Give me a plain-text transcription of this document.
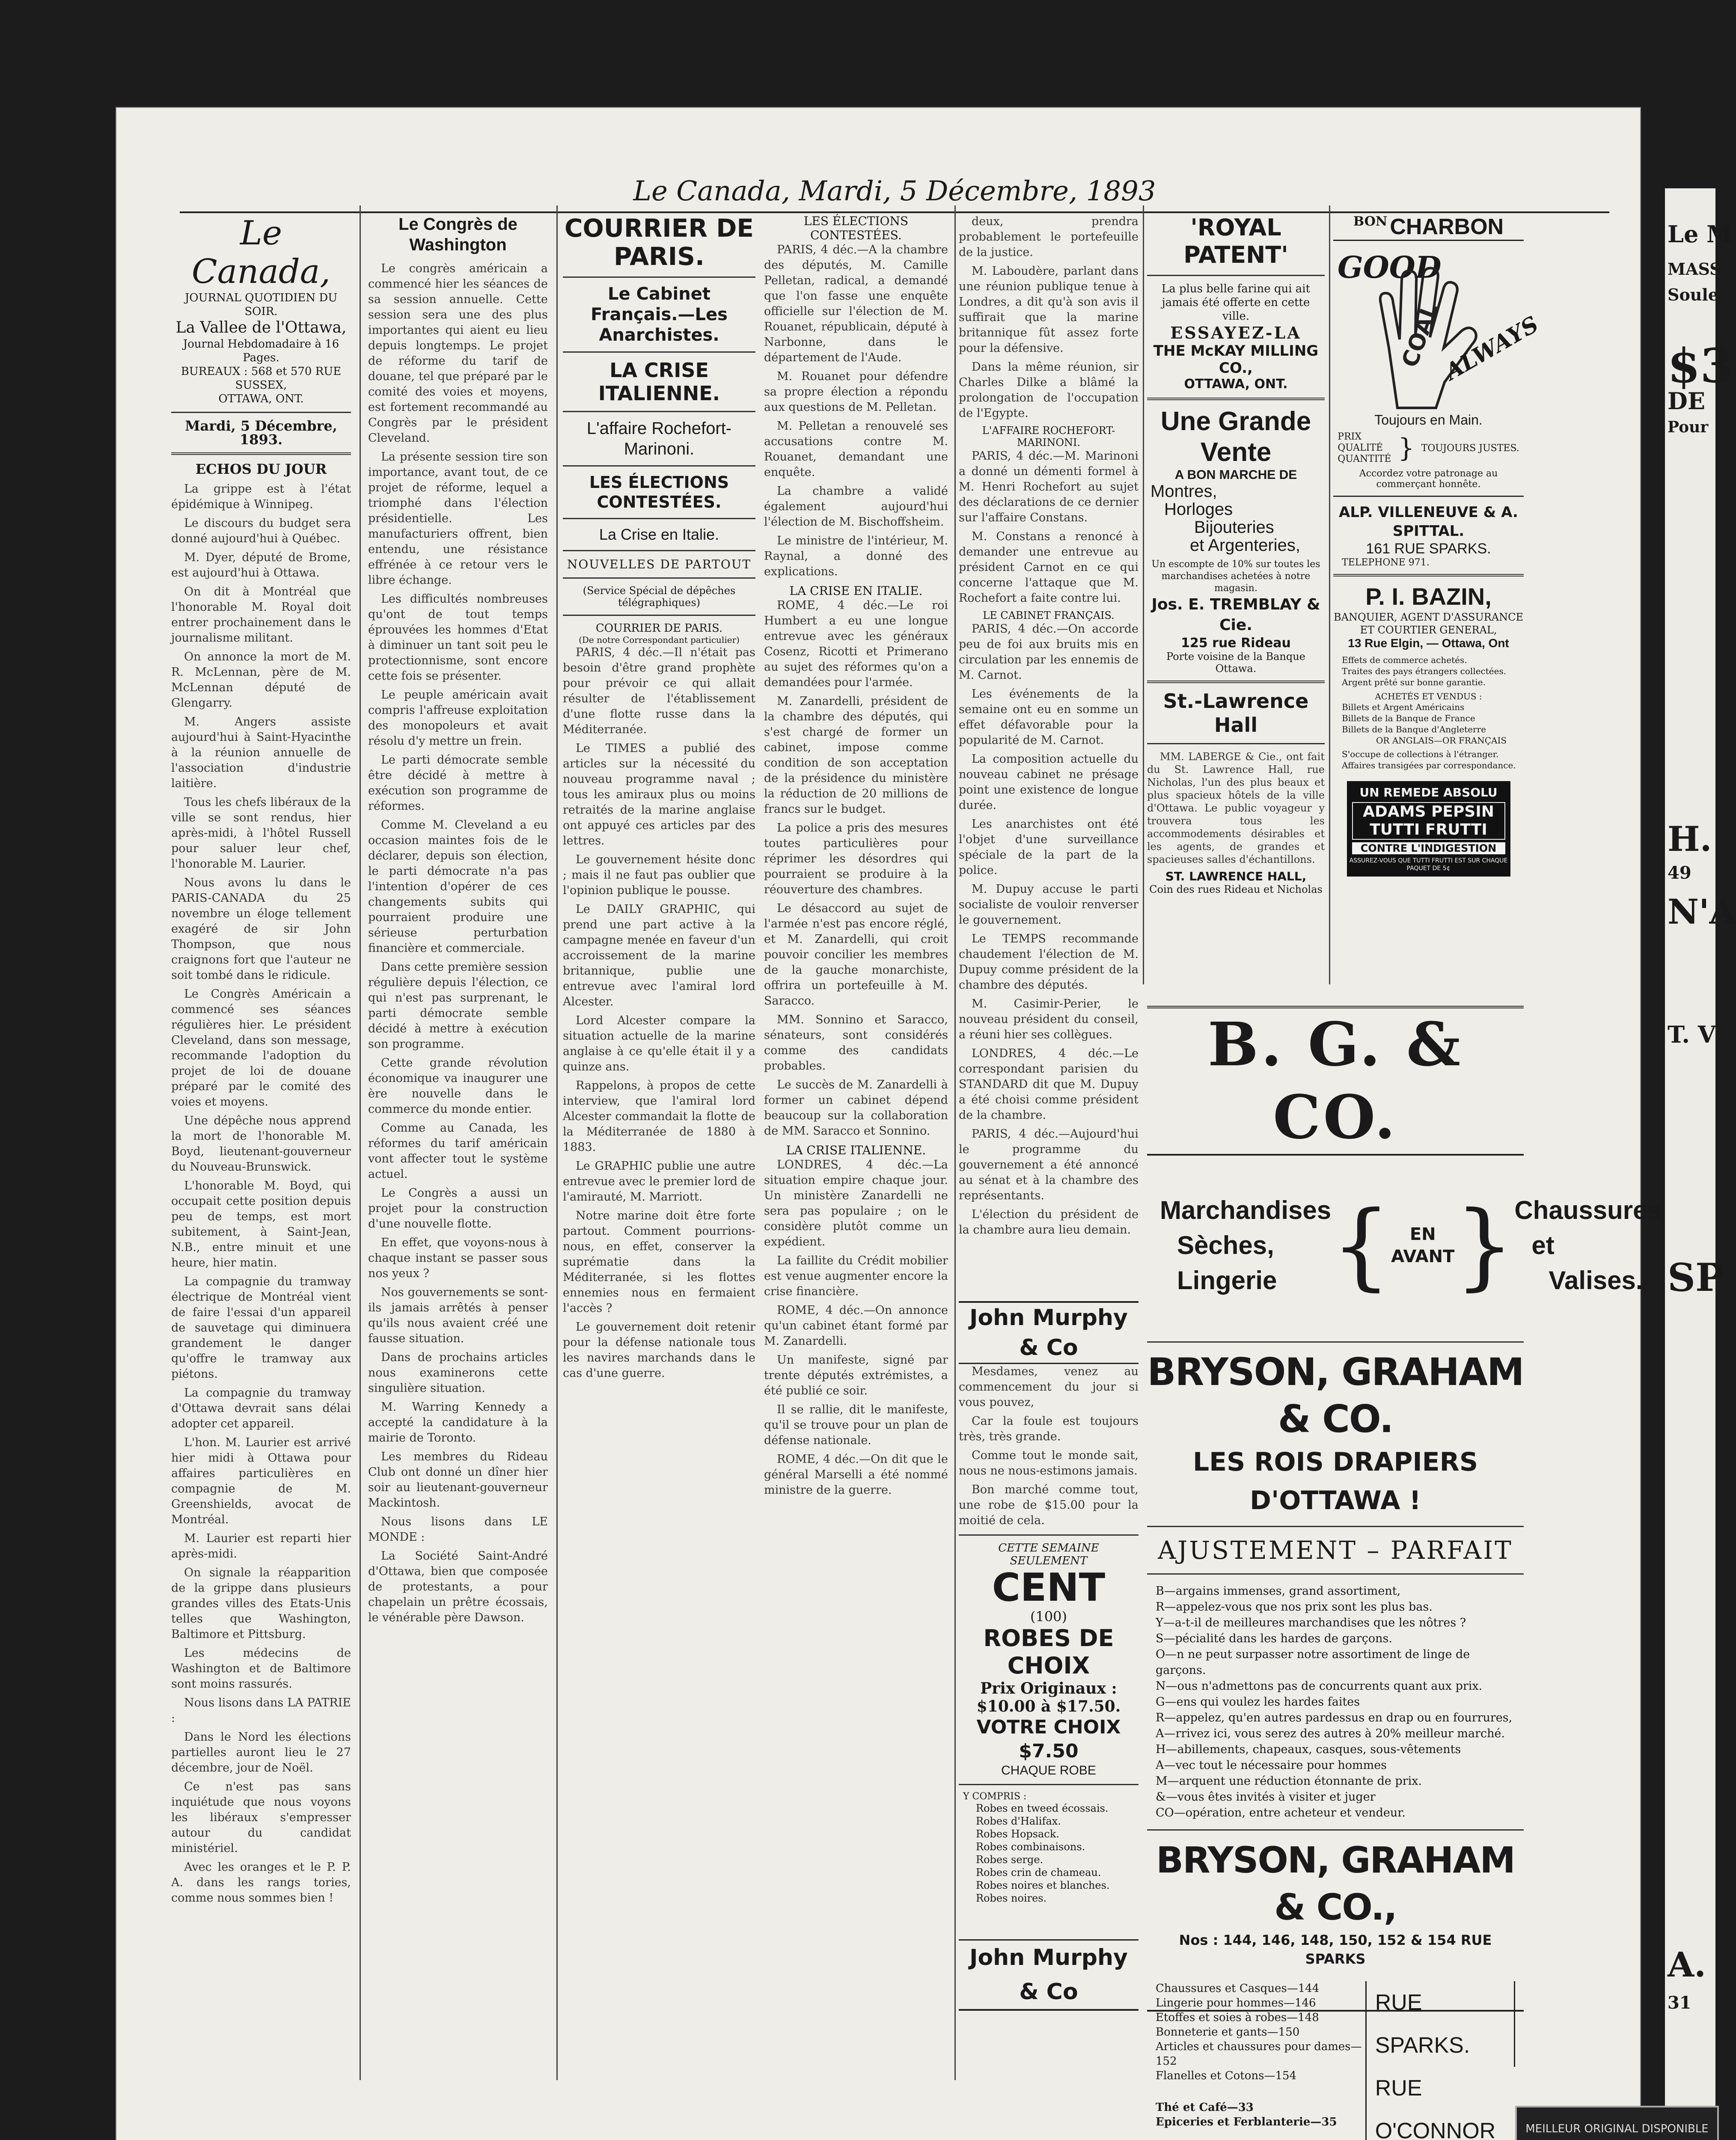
Le M
MASS
Soule
$3
DE
Pour
H.
49
N'A
T. V
SP
A.
31
Le Canada, Mardi, 5 Décembre, 1893
Le Canada,
JOURNAL QUOTIDIEN DU SOIR.
La Vallee de l'Ottawa,
Journal Hebdomadaire à 16 Pages.
BUREAUX : 568 et 570 RUE SUSSEX,
OTTAWA, ONT.
Mardi, 5 Décembre, 1893.
ECHOS DU JOUR

La grippe est à l'état épidémique à Winnipeg.

Le discours du budget sera donné aujourd'hui à Québec.

M. Dyer, député de Brome, est aujourd'hui à Ottawa.

On dit à Montréal que l'honorable M. Royal doit entrer prochainement dans le journalisme militant.

On annonce la mort de M. R. McLennan, père de M. McLennan député de Glengarry.

M. Angers assiste aujourd'hui à Saint-Hyacinthe à la réunion annuelle de l'association d'industrie laitière.

Tous les chefs libéraux de la ville se sont rendus, hier après-midi, à l'hôtel Russell pour saluer leur chef, l'honorable M. Laurier.

Nous avons lu dans le PARIS-CANADA du 25 novembre un éloge tellement exagéré de sir John Thompson, que nous craignons fort que l'auteur ne soit tombé dans le ridicule.

Le Congrès Américain a commencé ses séances régulières hier. Le président Cleveland, dans son message, recommande l'adoption du projet de loi de douane préparé par le comité des voies et moyens.

Une dépêche nous apprend la mort de l'honorable M. Boyd, lieutenant-gouverneur du Nouveau-Brunswick.

L'honorable M. Boyd, qui occupait cette position depuis peu de temps, est mort subitement, à Saint-Jean, N.B., entre minuit et une heure, hier matin.

La compagnie du tramway électrique de Montréal vient de faire l'essai d'un appareil de sauvetage qui diminuera grandement le danger qu'offre le tramway aux piétons.

La compagnie du tramway d'Ottawa devrait sans délai adopter cet appareil.

L'hon. M. Laurier est arrivé hier midi à Ottawa pour affaires particulières en compagnie de M. Greenshields, avocat de Montréal.

M. Laurier est reparti hier après-midi.

On signale la réapparition de la grippe dans plusieurs grandes villes des Etats-Unis telles que Washington, Baltimore et Pittsburg.

Les médecins de Washington et de Baltimore sont moins rassurés.

Nous lisons dans LA PATRIE :

Dans le Nord les élections partielles auront lieu le 27 décembre, jour de Noël.

Ce n'est pas sans inquiétude que nous voyons les libéraux s'empresser autour du candidat ministériel.

Avec les oranges et le P. P. A. dans les rangs tories, comme nous sommes bien !

Le Congrès de Washington

Le congrès américain a commencé hier les séances de sa session annuelle. Cette session sera une des plus importantes qui aient eu lieu depuis longtemps. Le projet de réforme du tarif de douane, tel que préparé par le comité des voies et moyens, est fortement recommandé au Congrès par le président Cleveland.

La présente session tire son importance, avant tout, de ce projet de réforme, lequel a triomphé dans l'élection présidentielle. Les manufacturiers offrent, bien entendu, une résistance effrénée à ce retour vers le libre échange.

Les difficultés nombreuses qu'ont de tout temps éprouvées les hommes d'Etat à diminuer un tant soit peu le protectionnisme, sont encore cette fois se présenter.

Le peuple américain avait compris l'affreuse exploitation des monopoleurs et avait résolu d'y mettre un frein.

Le parti démocrate semble être décidé à mettre à exécution son programme de réformes.

Comme M. Cleveland a eu occasion maintes fois de le déclarer, depuis son élection, le parti démocrate n'a pas l'intention d'opérer de ces changements subits qui pourraient produire une sérieuse perturbation financière et commerciale.

Dans cette première session régulière depuis l'élection, ce qui n'est pas surprenant, le parti démocrate semble décidé à mettre à exécution son programme.

Cette grande révolution économique va inaugurer une ère nouvelle dans le commerce du monde entier.

Comme au Canada, les réformes du tarif américain vont affecter tout le système actuel.

Le Congrès a aussi un projet pour la construction d'une nouvelle flotte.

En effet, que voyons-nous à chaque instant se passer sous nos yeux ?

Nos gouvernements se sont-ils jamais arrêtés à penser qu'ils nous avaient créé une fausse situation.

Dans de prochains articles nous examinerons cette singulière situation.

M. Warring Kennedy a accepté la candidature à la mairie de Toronto.

Les membres du Rideau Club ont donné un dîner hier soir au lieutenant-gouverneur Mackintosh.

Nous lisons dans LE MONDE :

La Société Saint-André d'Ottawa, bien que composée de protestants, a pour chapelain un prêtre écossais, le vénérable père Dawson.

COURRIER DE PARIS.
Le Cabinet Français.—Les Anarchistes.
LA CRISE ITALIENNE.
L'affaire Rochefort-Marinoni.
LES ÉLECTIONS CONTESTÉES.
La Crise en Italie.
NOUVELLES DE PARTOUT
(Service Spécial de dépêches télégraphiques)
COURRIER DE PARIS.
(De notre Correspondant particulier)

PARIS, 4 déc.—Il n'était pas besoin d'être grand prophète pour prévoir ce qui allait résulter de l'établissement d'une flotte russe dans la Méditerranée.

Le TIMES a publié des articles sur la nécessité du nouveau programme naval ; tous les amiraux plus ou moins retraités de la marine anglaise ont appuyé ces articles par des lettres.

Le gouvernement hésite donc ; mais il ne faut pas oublier que l'opinion publique le pousse.

Le DAILY GRAPHIC, qui prend une part active à la campagne menée en faveur d'un accroissement de la marine britannique, publie une entrevue avec l'amiral lord Alcester.

Lord Alcester compare la situation actuelle de la marine anglaise à ce qu'elle était il y a quinze ans.

Rappelons, à propos de cette interview, que l'amiral lord Alcester commandait la flotte de la Méditerranée de 1880 à 1883.

Le GRAPHIC publie une autre entrevue avec le premier lord de l'amirauté, M. Marriott.

Notre marine doit être forte partout. Comment pourrions-nous, en effet, conserver la suprématie dans la Méditerranée, si les flottes ennemies nous en fermaient l'accès ?

Le gouvernement doit retenir pour la défense nationale tous les navires marchands dans le cas d'une guerre.

LES ÉLECTIONS CONTESTÉES.

PARIS, 4 déc.—A la chambre des députés, M. Camille Pelletan, radical, a demandé que l'on fasse une enquête officielle sur l'élection de M. Rouanet, républicain, député à Narbonne, dans le département de l'Aude.

M. Rouanet pour défendre sa propre élection a répondu aux questions de M. Pelletan.

M. Pelletan a renouvelé ses accusations contre M. Rouanet, demandant une enquête.

La chambre a validé également aujourd'hui l'élection de M. Bischoffsheim.

Le ministre de l'intérieur, M. Raynal, a donné des explications.

LA CRISE EN ITALIE.

ROME, 4 déc.—Le roi Humbert a eu une longue entrevue avec les généraux Cosenz, Ricotti et Primerano au sujet des réformes qu'on a demandées pour l'armée.

M. Zanardelli, président de la chambre des députés, qui s'est chargé de former un cabinet, impose comme condition de son acceptation de la présidence du ministère la réduction de 20 millions de francs sur le budget.

La police a pris des mesures toutes particulières pour réprimer les désordres qui pourraient se produire à la réouverture des chambres.

Le désaccord au sujet de l'armée n'est pas encore réglé, et M. Zanardelli, qui croit pouvoir concilier les membres de la gauche monarchiste, offrira un portefeuille à M. Saracco.

MM. Sonnino et Saracco, sénateurs, sont considérés comme des candidats probables.

Le succès de M. Zanardelli à former un cabinet dépend beaucoup sur la collaboration de MM. Saracco et Sonnino.

LA CRISE ITALIENNE.

LONDRES, 4 déc.—La situation empire chaque jour. Un ministère Zanardelli ne sera pas populaire ; on le considère plutôt comme un expédient.

La faillite du Crédit mobilier est venue augmenter encore la crise financière.

ROME, 4 déc.—On annonce qu'un cabinet étant formé par M. Zanardelli.

Un manifeste, signé par trente députés extrémistes, a été publié ce soir.

Il se rallie, dit le manifeste, qu'il se trouve pour un plan de défense nationale.

ROME, 4 déc.—On dit que le général Marselli a été nommé ministre de la guerre.

deux, prendra probablement le portefeuille de la justice.

M. Laboudère, parlant dans une réunion publique tenue à Londres, a dit qu'à son avis il suffirait que la marine britannique fût assez forte pour la défensive.

Dans la même réunion, sir Charles Dilke a blâmé la prolongation de l'occupation de l'Egypte.

L'AFFAIRE ROCHEFORT-MARINONI.

PARIS, 4 déc.—M. Marinoni a donné un démenti formel à M. Henri Rochefort au sujet des déclarations de ce dernier sur l'affaire Constans.

M. Constans a renoncé à demander une entrevue au président Carnot en ce qui concerne l'attaque que M. Rochefort a faite contre lui.

LE CABINET FRANÇAIS.

PARIS, 4 déc.—On accorde peu de foi aux bruits mis en circulation par les ennemis de M. Carnot.

Les événements de la semaine ont eu en somme un effet défavorable pour la popularité de M. Carnot.

La composition actuelle du nouveau cabinet ne présage point une existence de longue durée.

Les anarchistes ont été l'objet d'une surveillance spéciale de la part de la police.

M. Dupuy accuse le parti socialiste de vouloir renverser le gouvernement.

Le TEMPS recommande chaudement l'élection de M. Dupuy comme président de la chambre des députés.

M. Casimir-Perier, le nouveau président du conseil, a réuni hier ses collègues.

LONDRES, 4 déc.—Le correspondant parisien du STANDARD dit que M. Dupuy a été choisi comme président de la chambre.

PARIS, 4 déc.—Aujourd'hui le programme du gouvernement a été annoncé au sénat et à la chambre des représentants.

L'élection du président de la chambre aura lieu demain.

John Murphy & Co

Mesdames, venez au commencement du jour si vous pouvez,

Car la foule est toujours très, très grande.

Comme tout le monde sait, nous ne nous-estimons jamais.

Bon marché comme tout, une robe de $15.00 pour la moitié de cela.

CETTE SEMAINE SEULEMENT
CENT
(100)
ROBES DE CHOIX
Prix Originaux :
$10.00 à $17.50.
VOTRE CHOIX $7.50
CHAQUE ROBE
Y COMPRIS :
Robes en tweed écossais.
Robes d'Halifax.
Robes Hopsack.
Robes combinaisons.
Robes serge.
Robes crin de chameau.
Robes noires et blanches.
Robes noires.
John Murphy & Co
'ROYAL PATENT'
La plus belle farine qui ait jamais été offerte en cette ville.
ESSAYEZ-LA
THE McKAY MILLING CO.,
OTTAWA, ONT.
Une Grande Vente
A BON MARCHE DE
Montres,
Horloges
Bijouteries
et Argenteries,
Un escompte de 10% sur toutes les marchandises achetées à notre magasin.
Jos. E. TREMBLAY & Cie.
125 rue Rideau
Porte voisine de la Banque Ottawa.
St.-Lawrence Hall

MM. LABERGE & Cie., ont fait du St. Lawrence Hall, rue Nicholas, l'un des plus beaux et plus spacieux hôtels de la ville d'Ottawa. Le public voyageur y trouvera tous les accommodements désirables et les agents, de grandes et spacieuses salles d'échantillons.

ST. LAWRENCE HALL,
Coin des rues Rideau et Nicholas
BON CHARBON
GOOD
COAL
ALWAYS
Toujours en Main.
PRIX
QUALITÉ
QUANTITÉ } TOUJOURS JUSTES.
Accordez votre patronage au commerçant honnête.
ALP. VILLENEUVE & A. SPITTAL.
161 RUE SPARKS.
TELEPHONE 971.
P. I. BAZIN,
BANQUIER, AGENT D'ASSURANCE ET COURTIER GENERAL,
13 Rue Elgin, — Ottawa, Ont
Effets de commerce achetés.
Traites des pays étrangers collectées.
Argent prêté sur bonne garantie.
ACHETÉS ET VENDUS :
Billets et Argent Américains
Billets de la Banque de France
Billets de la Banque d'Angleterre
OR ANGLAIS—OR FRANÇAIS
S'occupe de collections à l'étranger. Affaires transigées par correspondance.
UN REMEDE ABSOLU
ADAMS PEPSIN TUTTI FRUTTI
CONTRE L'INDIGESTION
ASSUREZ-VOUS QUE TUTTI FRUTTI EST SUR CHAQUE PAQUET DE 5¢
B. G. & CO.
Marchandises
Sèches,
Lingerie {	EN
AVANT } Chaussures
et
Valises.
BRYSON, GRAHAM & CO.
LES ROIS DRAPIERS D'OTTAWA !
AJUSTEMENT – PARFAIT
B—argains immenses, grand assortiment,
R—appelez-vous que nos prix sont les plus bas.
Y—a-t-il de meilleures marchandises que les nôtres ?
S—pécialité dans les hardes de garçons.
O—n ne peut surpasser notre assortiment de linge de garçons.
N—ous n'admettons pas de concurrents quant aux prix.
G—ens qui voulez les hardes faites
R—appelez, qu'en autres pardessus en drap ou en fourrures,
A—rrivez ici, vous serez des autres à 20% meilleur marché.
H—abillements, chapeaux, casques, sous-vêtements
A—vec tout le nécessaire pour hommes
M—arquent une réduction étonnante de prix.
&—vous êtes invités à visiter et juger
CO—opération, entre acheteur et vendeur.
BRYSON, GRAHAM & CO.,
Nos : 144, 146, 148, 150, 152 & 154 RUE SPARKS
Chaussures et Casques—144
Lingerie pour hommes—146
Etoffes et soies à robes—148
Bonneterie et gants—150
Articles et chaussures pour dames—152
Flanelles et Cotons—154
Thé et Café—33
Epiceries et Ferblanterie—35
RUE SPARKS.
RUE O'CONNOR	MEILLEUR ORIGINAL DISPONIBLE
